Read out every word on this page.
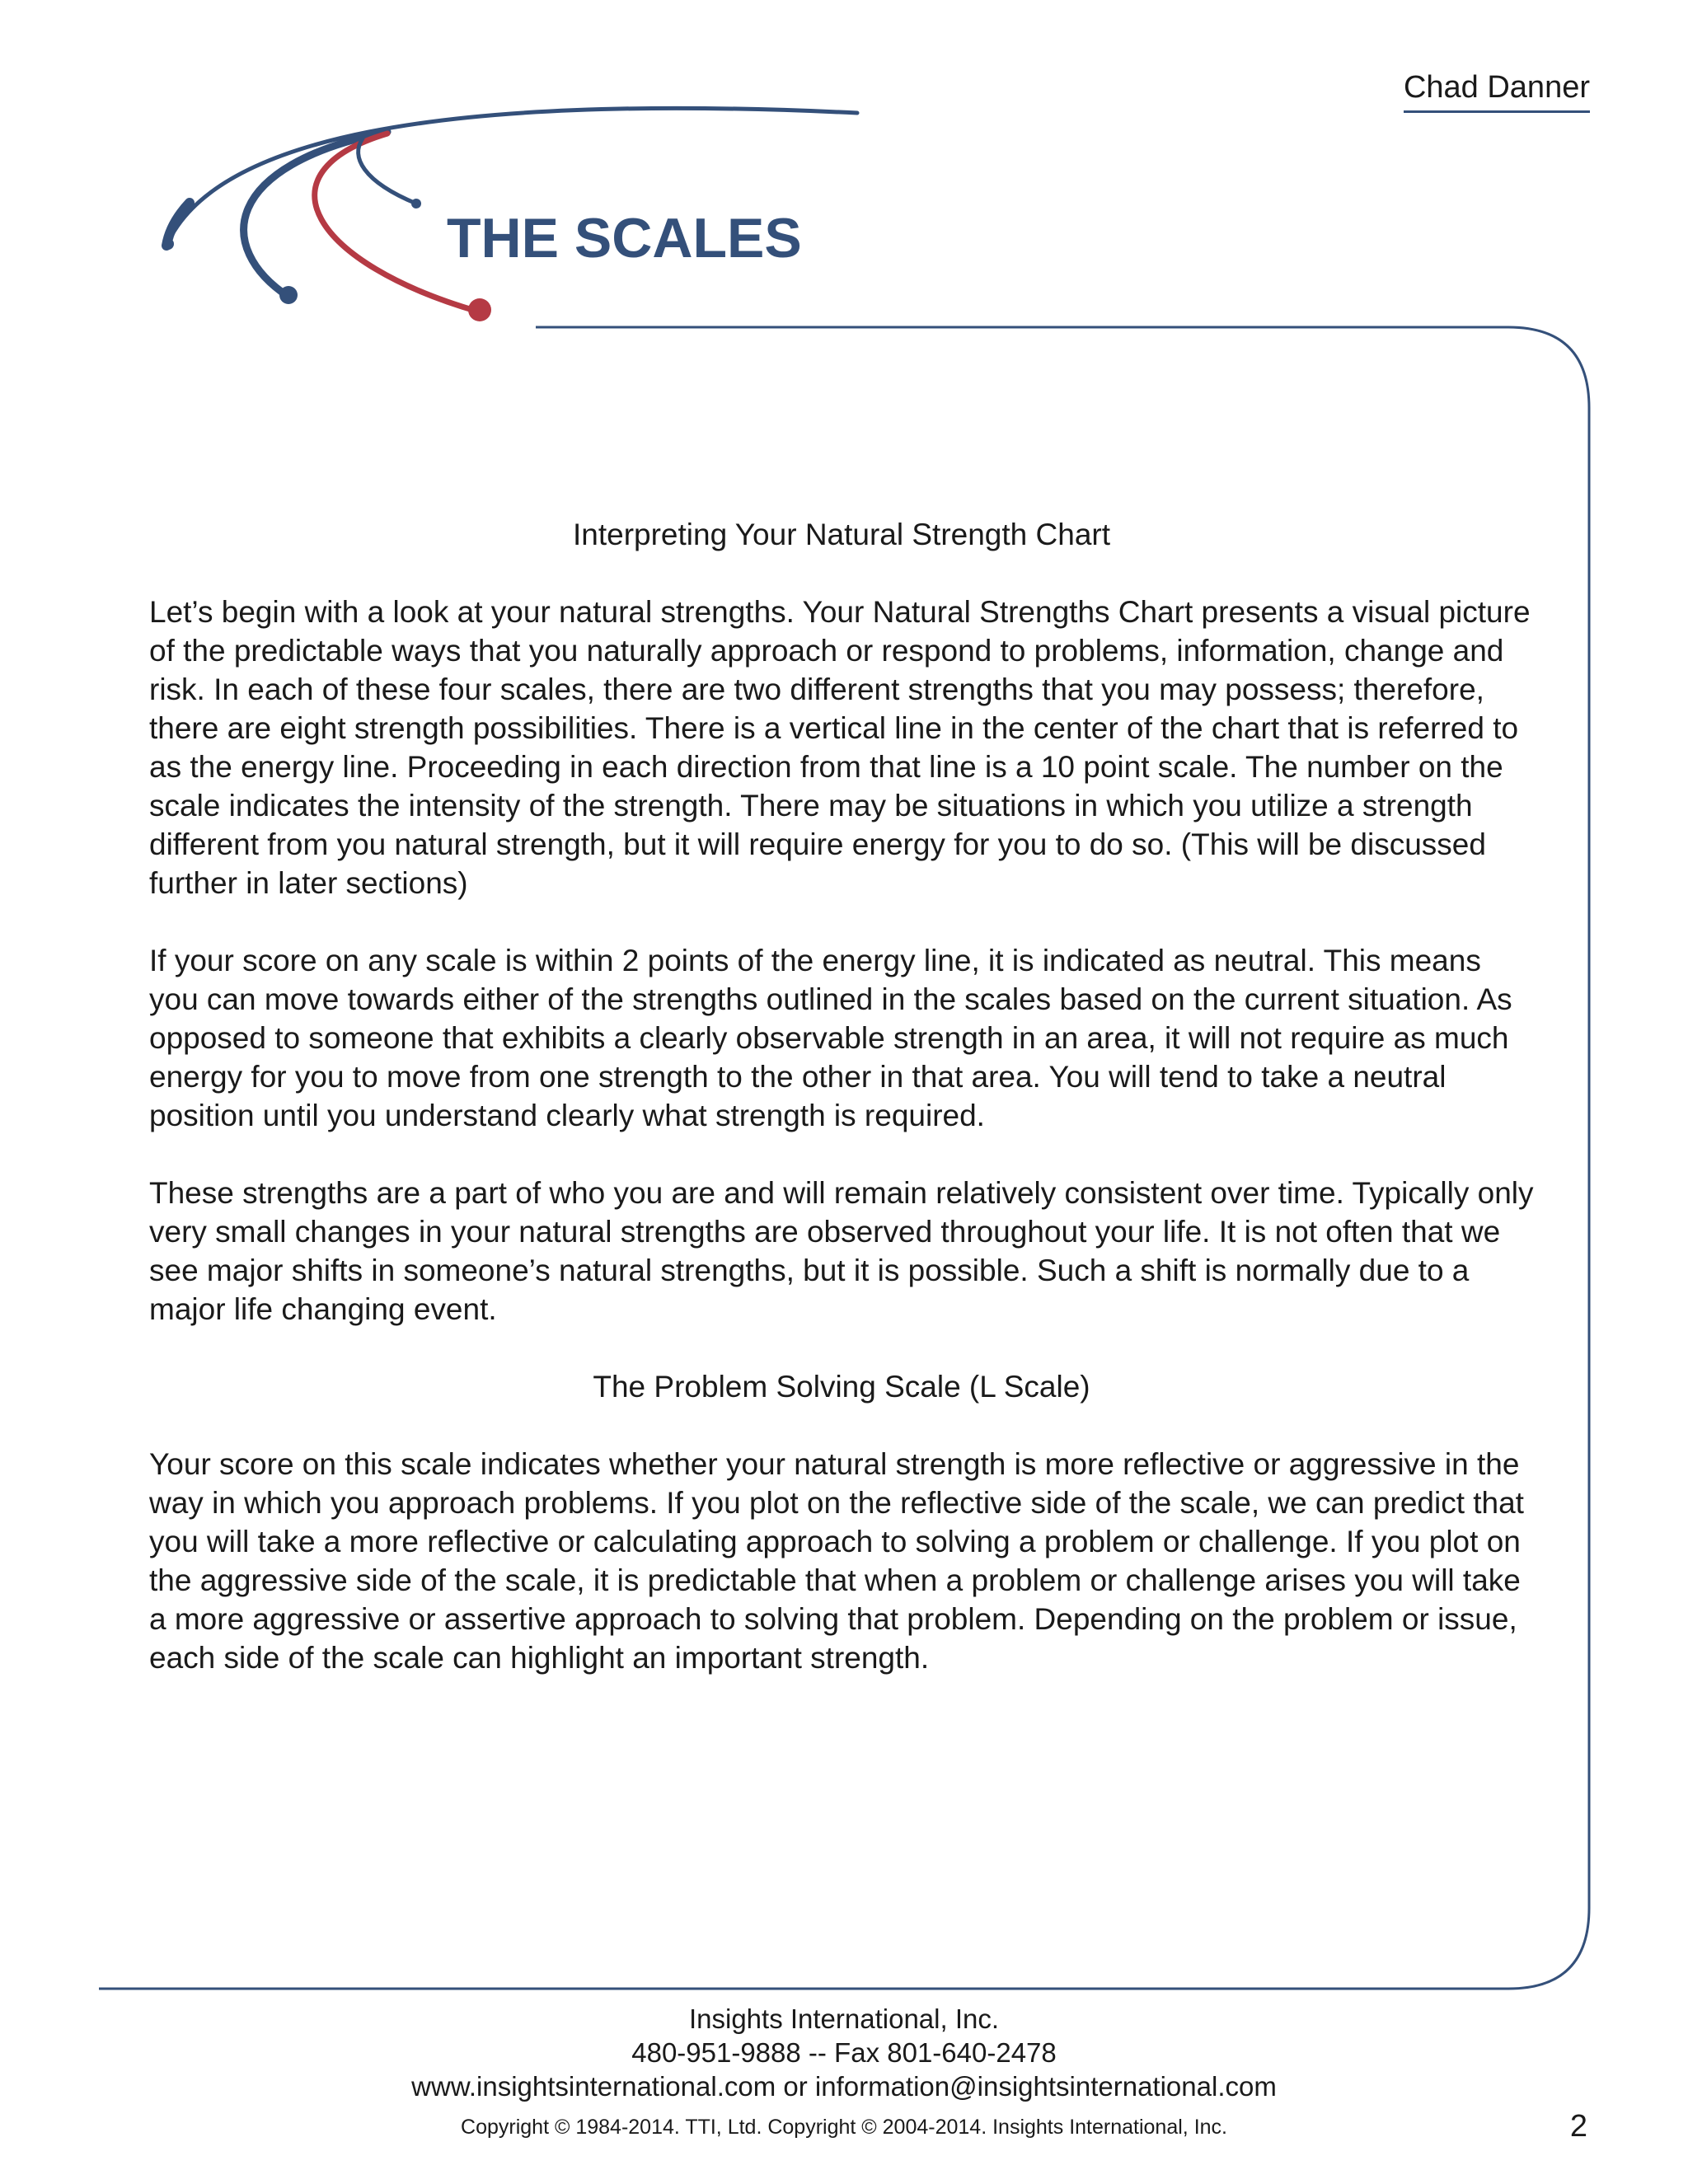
Chad Danner
THE SCALES
Interpreting Your Natural Strength Chart

Let’s begin with a look at your natural strengths. Your Natural Strengths Chart presents a visual picture of the predictable ways that you naturally approach or respond to problems, information, change and risk. In each of these four scales, there are two different strengths that you may possess; therefore, there are eight strength possibilities. There is a vertical line in the center of the chart that is referred to as the energy line. Proceeding in each direction from that line is a 10 point scale. The number on the scale indicates the intensity of the strength. There may be situations in which you utilize a strength different from you natural strength, but it will require energy for you to do so. (This will be discussed further in later sections)

If your score on any scale is within 2 points of the energy line, it is indicated as neutral. This means you can move towards either of the strengths outlined in the scales based on the current situation. As opposed to someone that exhibits a clearly observable strength in an area, it will not require as much energy for you to move from one strength to the other in that area. You will tend to take a neutral position until you understand clearly what strength is required.

These strengths are a part of who you are and will remain relatively consistent over time. Typically only very small changes in your natural strengths are observed throughout your life. It is not often that we see major shifts in someone’s natural strengths, but it is possible. Such a shift is normally due to a major life changing event.

The Problem Solving Scale (L Scale)

Your score on this scale indicates whether your natural strength is more reflective or aggressive in the way in which you approach problems. If you plot on the reflective side of the scale, we can predict that you will take a more reflective or calculating approach to solving a problem or challenge. If you plot on the aggressive side of the scale, it is predictable that when a problem or challenge arises you will take a more aggressive or assertive approach to solving that problem. Depending on the problem or issue, each side of the scale can highlight an important strength.

Insights International, Inc.
480-951-9888 -- Fax 801-640-2478
www.insightsinternational.com or information@insightsinternational.com
Copyright © 1984-2014. TTI, Ltd. Copyright © 2004-2014. Insights International, Inc.	2
